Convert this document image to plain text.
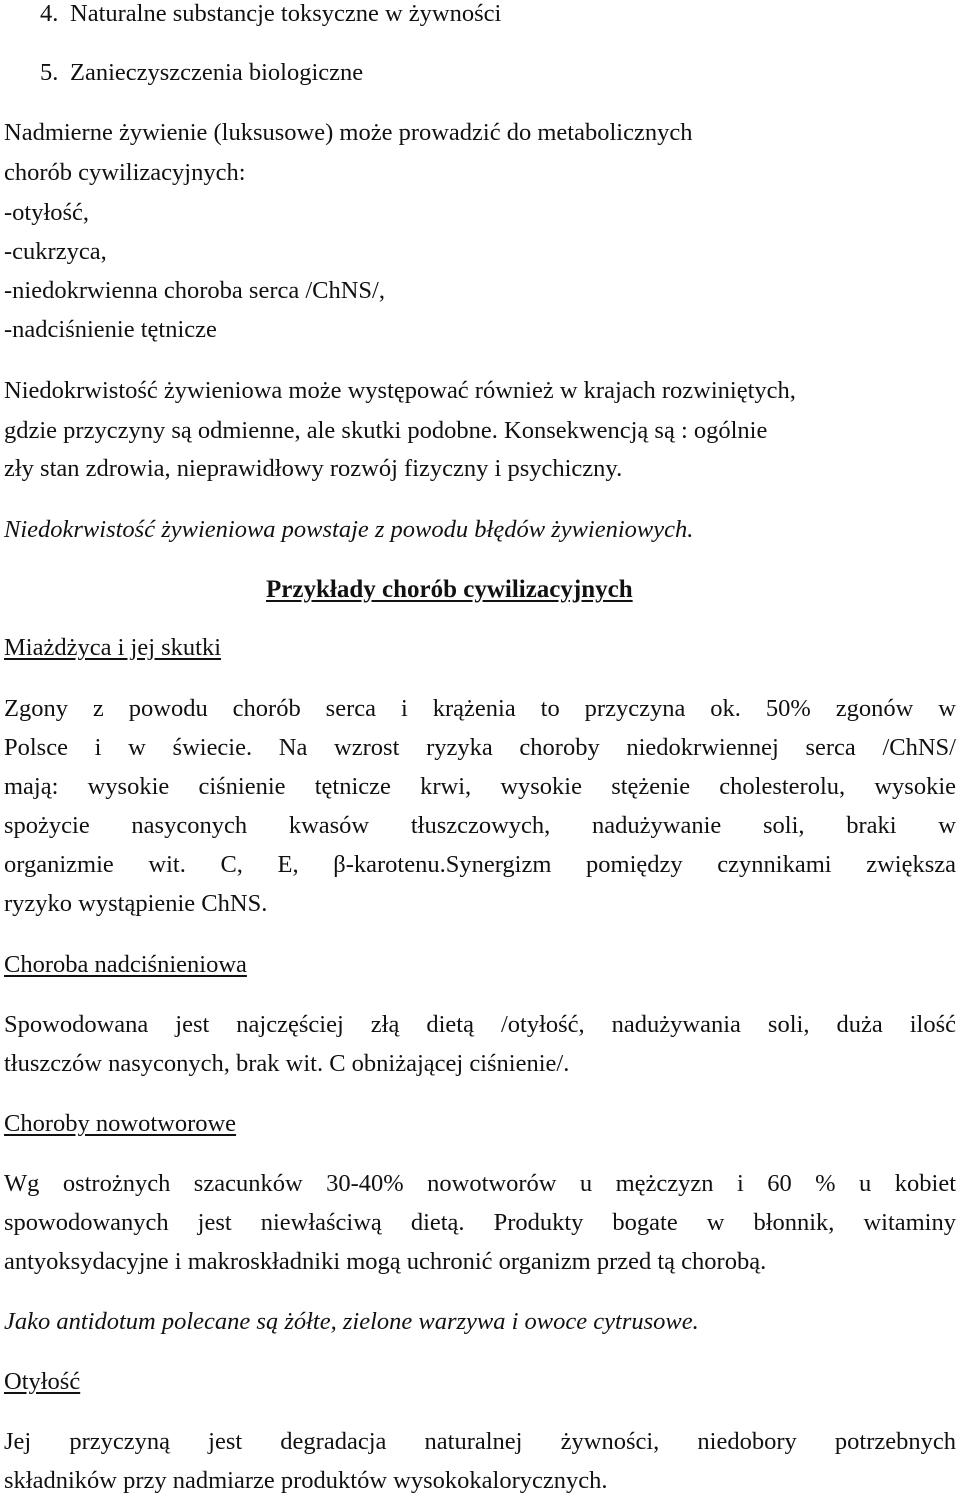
4. Naturalne substancje toksyczne w żywności

5. Zanieczyszczenia biologiczne

Nadmierne żywienie (luksusowe) może prowadzić do metabolicznych

chorób cywilizacyjnych:

-otyłość,

-cukrzyca,

-niedokrwienna choroba serca /ChNS/,

-nadciśnienie tętnicze

Niedokrwistość żywieniowa może występować również w krajach rozwiniętych,

gdzie przyczyny są odmienne, ale skutki podobne. Konsekwencją są : ogólnie

zły stan zdrowia, nieprawidłowy rozwój fizyczny i psychiczny.

Niedokrwistość żywieniowa powstaje z powodu błędów żywieniowych.

Przykłady chorób cywilizacyjnych

Miażdżyca i jej skutki

Zgony z powodu chorób serca i krążenia to przyczyna ok. 50% zgonów w

Polsce i w świecie. Na wzrost ryzyka choroby niedokrwiennej serca /ChNS/

mają: wysokie ciśnienie tętnicze krwi, wysokie stężenie cholesterolu, wysokie

spożycie nasyconych kwasów tłuszczowych, nadużywanie soli, braki w

organizmie wit. C, E, β-karotenu.Synergizm pomiędzy czynnikami zwiększa

ryzyko wystąpienie ChNS.

Choroba nadciśnieniowa

Spowodowana jest najczęściej złą dietą /otyłość, nadużywania soli, duża ilość

tłuszczów nasyconych, brak wit. C obniżającej ciśnienie/.

Choroby nowotworowe

Wg ostrożnych szacunków 30-40% nowotworów u mężczyzn i 60 % u kobiet

spowodowanych jest niewłaściwą dietą. Produkty bogate w błonnik, witaminy

antyoksydacyjne i makroskładniki mogą uchronić organizm przed tą chorobą.

Jako antidotum polecane są żółte, zielone warzywa i owoce cytrusowe.

Otyłość

Jej przyczyną jest degradacja naturalnej żywności, niedobory potrzebnych

składników przy nadmiarze produktów wysokokalorycznych.
